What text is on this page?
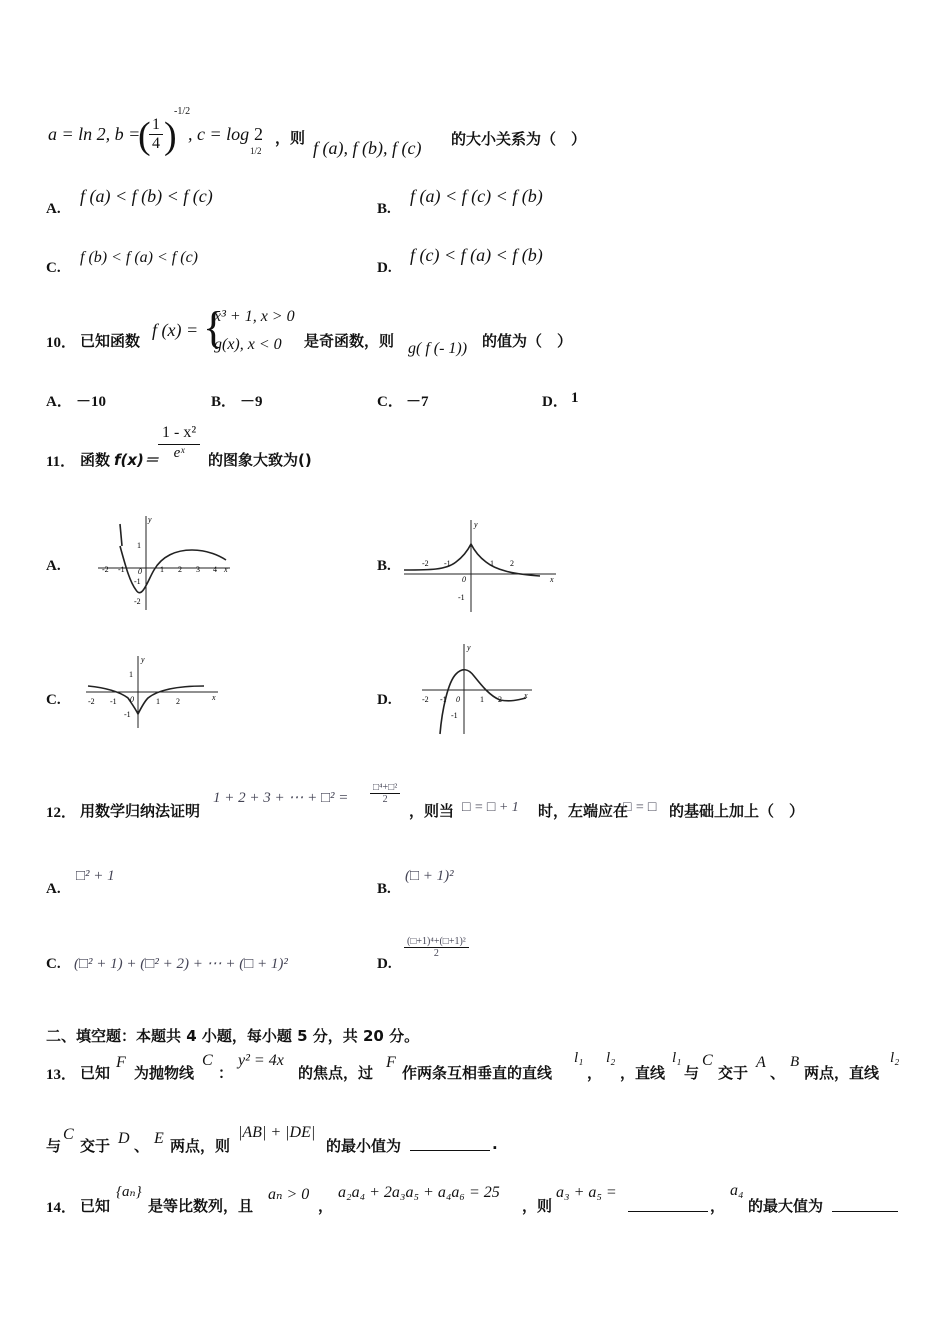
a = ln 2, b =
(
$\frac{1}{4}$ )
-1/2
, c = log
1/2
2 ，则 f (a), f (b), f (c) 的大小关系为（　）
A.
f (a) < f (b) < f (c)
B.
f (a) < f (c) < f (b)
C.
f (b) < f (a) < f (c)
D.
f (c) < f (a) < f (b)
10． 已知函数
f (x) = {
x³ + 1, x > 0
g(x), x < 0 是奇函数，则 g( f (- 1)) 的值为（　）
A． －10	B． －9	C． －7	D． 1
11． 函数 $f(x)= \frac{\text{1 - x²}}{\text{eˣ}}$ 的图象大致为()
A.	B.
C.	D.
y
1
-1
-2
-2 -1 0 1 2 3 4 x
y
-1
-2 -1
0
1 2
x
y
1
-1
-2 -1 0	1 2	x
y
-1
-2 -1 0	1 2	x
12． 用数学归纳法证明
1 + 2 + 3 + ⋯ + □² =
□⁴+□²
2
，则当 □ = □ + 1 时，左端应在
□ = □ 的基础上加上（　）
A.
□² + 1
B.
(□ + 1)²
C. (□² + 1) + (□² + 2) + ⋯ + (□ + 1)²	D.
$\frac{\text{(□+1)⁴+(□+1)²}}{2}$
二、填空题：本题共 4 小题，每小题 5 分，共 20 分。
13． 已知
F
为抛物线
C
：
y² = 4x
的焦点，过
F
作两条互相垂直的直线
l₁
，
l₂
，直线
l₁
与
C
交于
A
、
B
两点，直线
l₂
与
C
交于 D 、 E 两点，则
|AB| + |DE|
的最小值为	.
14． 已知
{aₙ}
是等比数列，且
aₙ > 0
，
a₂a₄ + 2a₃a₅ + a₄a₆ = 25
，则
a₃ + a₅ =
，
a₄
的最大值为
